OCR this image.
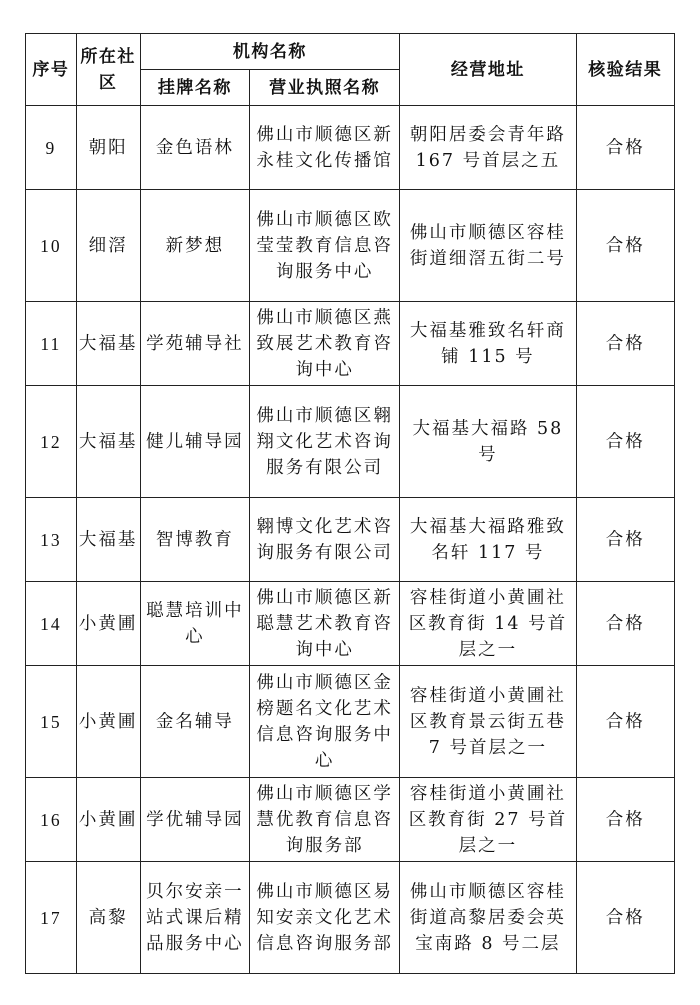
序号	所在社区	机构名称		经营地址	核验结果
		挂牌名称	营业执照名称		
9	朝阳	金色语林	佛山市顺德区新永桂文化传播馆	朝阳居委会青年路 167 号首层之五	合格
10	细滘	新梦想	佛山市顺德区欧莹莹教育信息咨询服务中心	佛山市顺德区容桂街道细滘五街二号	合格
11	大福基	学苑辅导社	佛山市顺德区燕致展艺术教育咨询中心	大福基雅致名轩商铺 115 号	合格
12	大福基	健儿辅导园	佛山市顺德区翱翔文化艺术咨询服务有限公司	大福基大福路 58 号	合格
13	大福基	智博教育	翱博文化艺术咨询服务有限公司	大福基大福路雅致名轩 117 号	合格
14	小黄圃	聪慧培训中心	佛山市顺德区新聪慧艺术教育咨询中心	容桂街道小黄圃社区教育街 14 号首层之一	合格
15	小黄圃	金名辅导	佛山市顺德区金榜题名文化艺术信息咨询服务中心	容桂街道小黄圃社区教育景云街五巷 7 号首层之一	合格
16	小黄圃	学优辅导园	佛山市顺德区学慧优教育信息咨询服务部	容桂街道小黄圃社区教育街 27 号首层之一	合格
17	高黎	贝尔安亲一站式课后精品服务中心	佛山市顺德区易知安亲文化艺术信息咨询服务部	佛山市顺德区容桂街道高黎居委会英宝南路 8 号二层	合格
